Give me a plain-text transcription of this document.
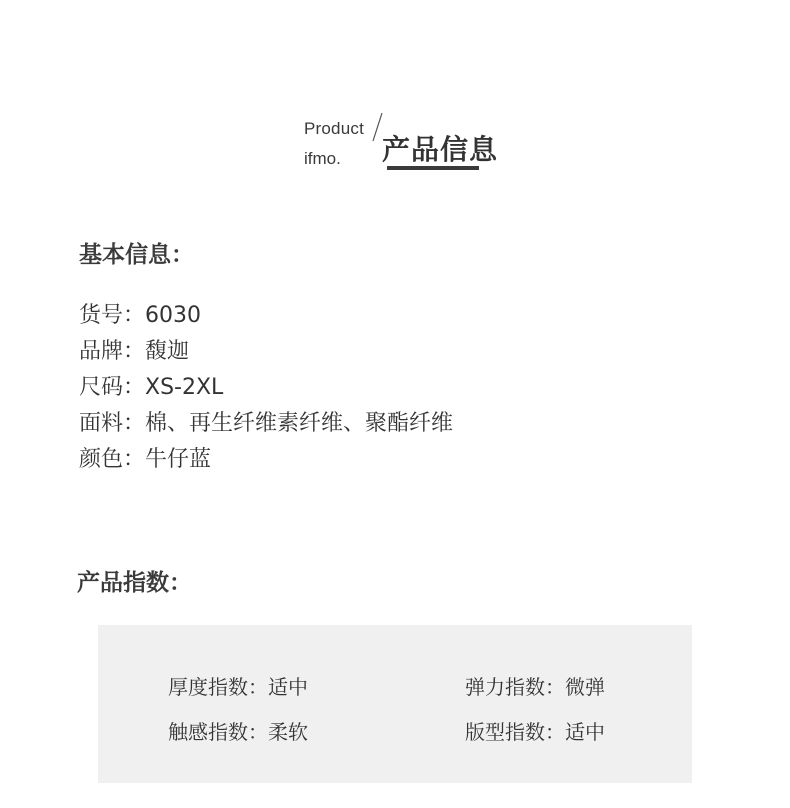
Product
ifmo. 产品信息
基本信息：
货号：6030
品牌：馥迦
尺码：XS-2XL
面料：棉、再生纤维素纤维、聚酯纤维
颜色：牛仔蓝
产品指数：
厚度指数：适中	弹力指数：微弹
触感指数：柔软	版型指数：适中
